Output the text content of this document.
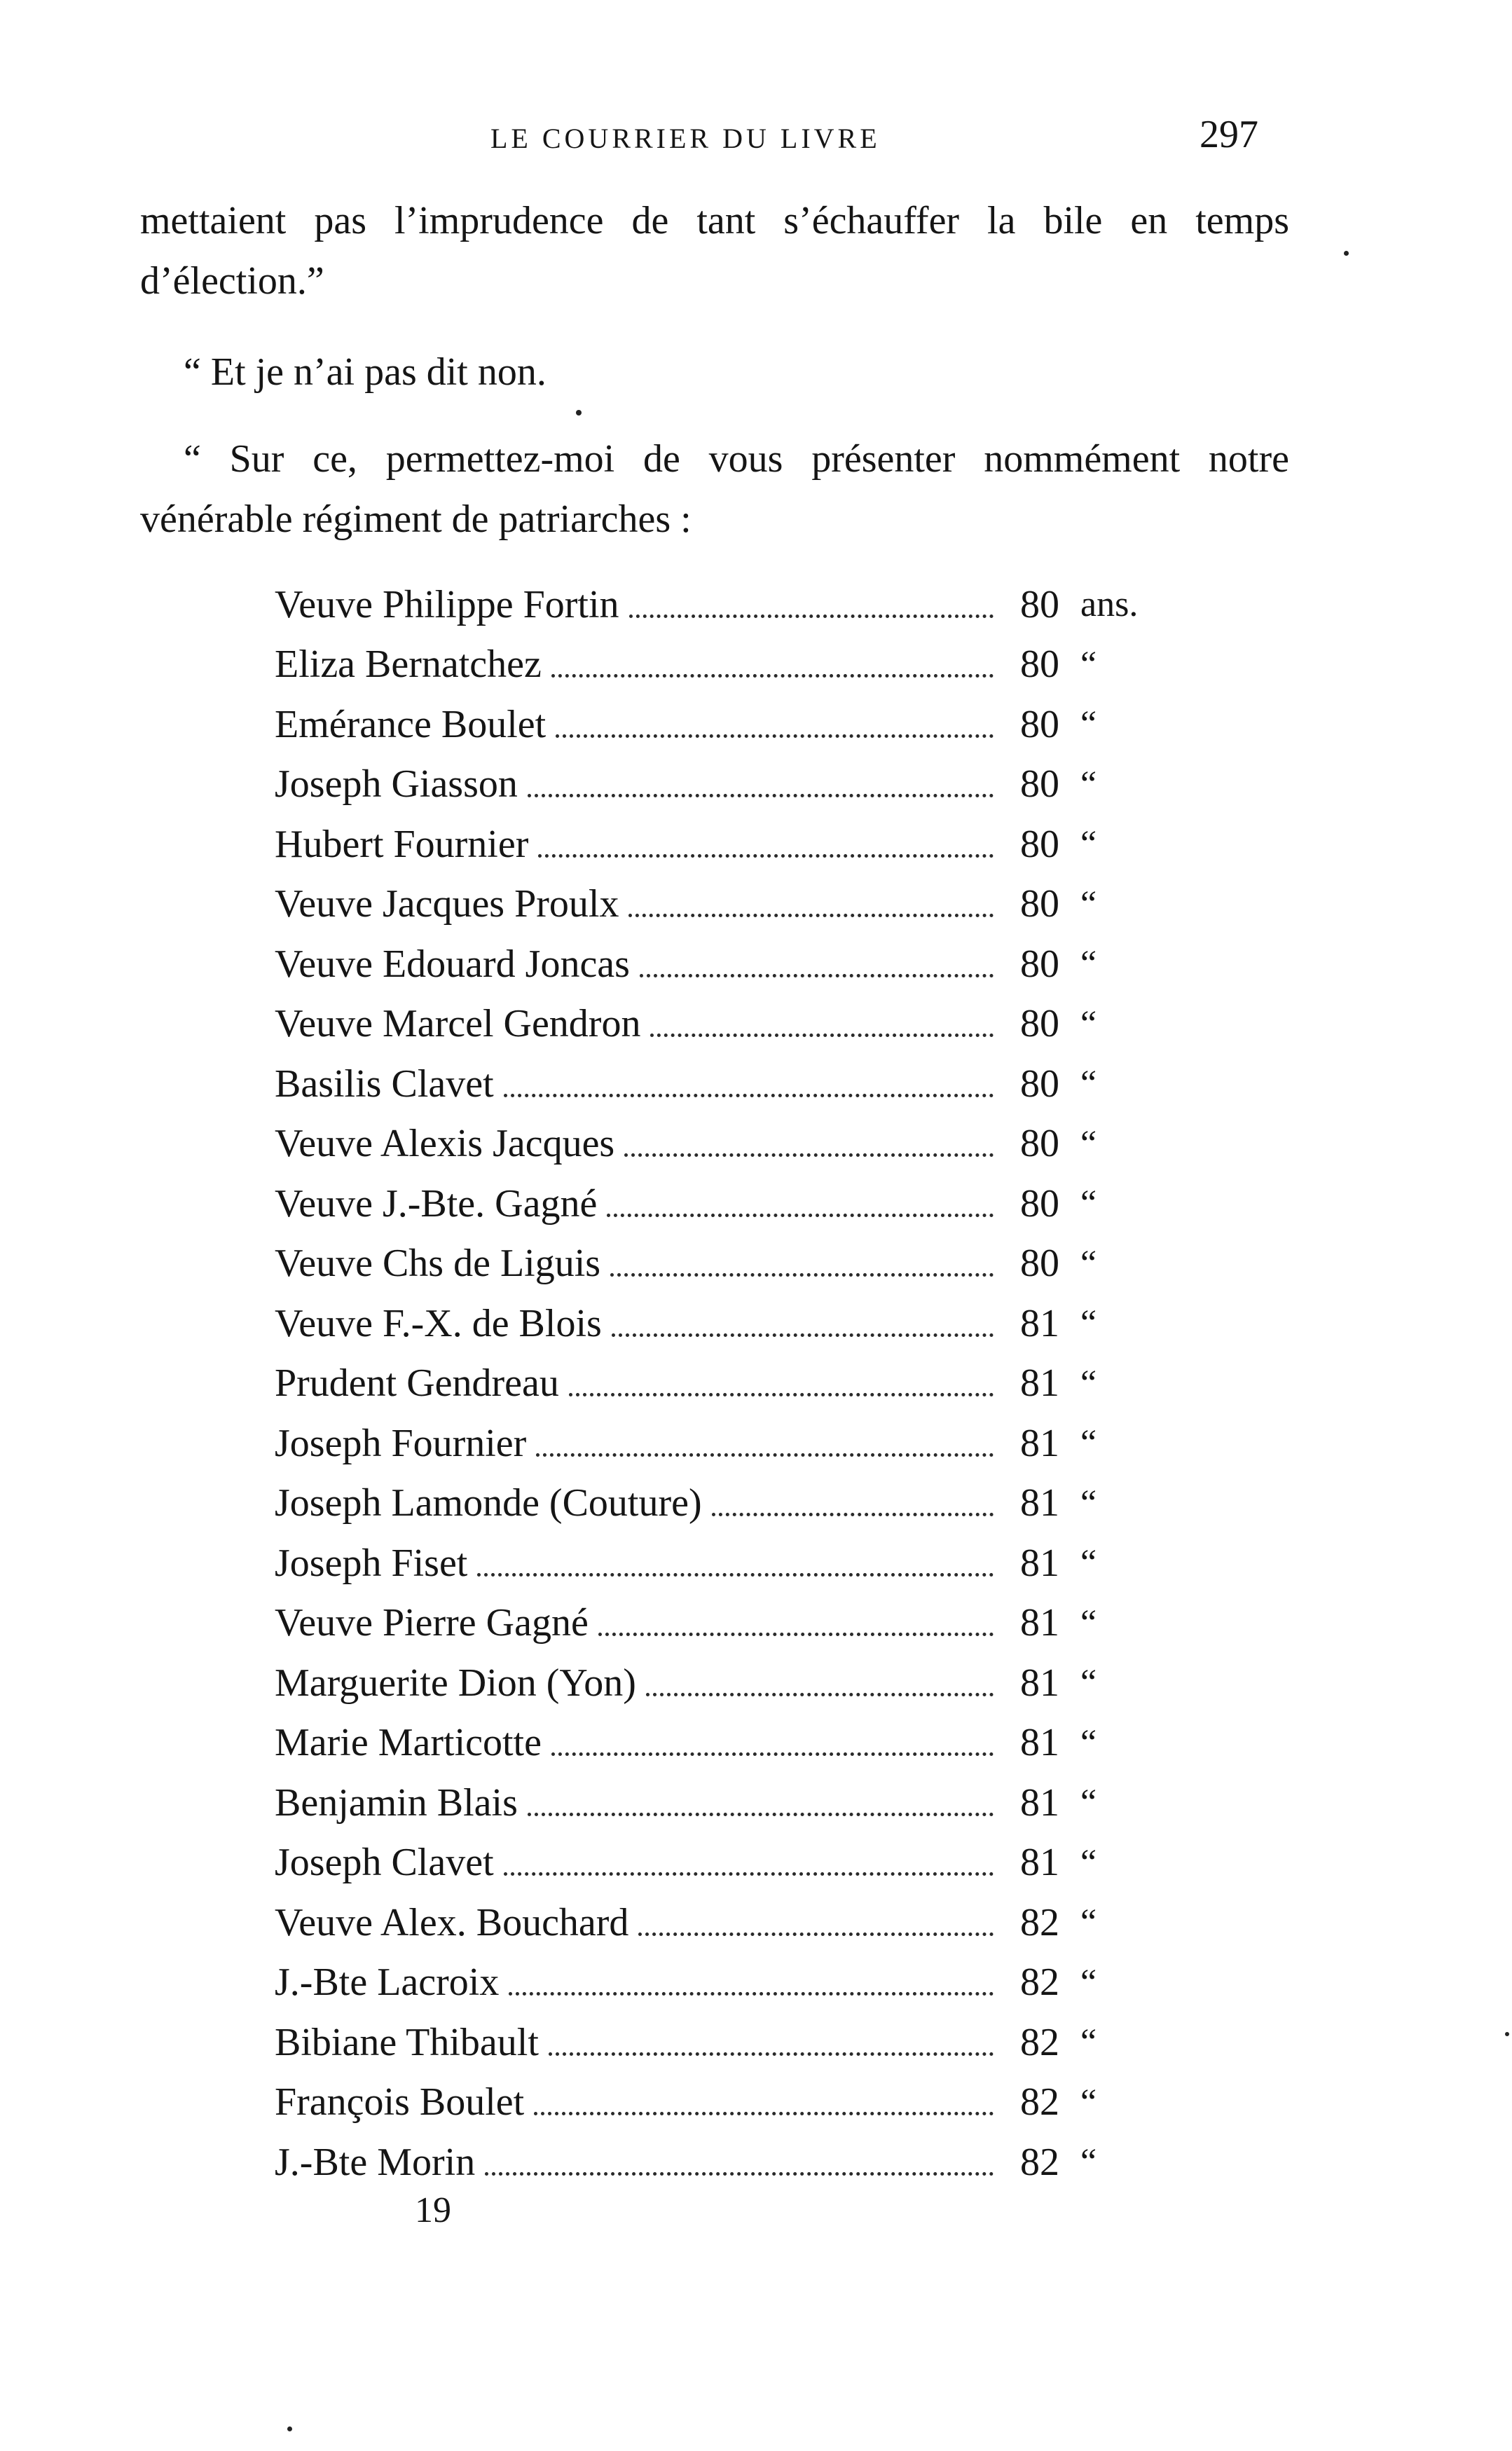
LE COURRIER DU LIVRE	297
mettaient pas l’imprudence de tant s’échauffer la bile en temps d’élection.”
“ Et je n’ai pas dit non.
“ Sur ce, permettez-moi de vous présenter nommément notre vénérable régiment de patriarches :
Veuve Philippe Fortin	80 ans.
Eliza Bernatchez	80 “
Emérance Boulet	80 “
Joseph Giasson	80 “
Hubert Fournier	80 “
Veuve Jacques Proulx	80 “
Veuve Edouard Joncas	80 “
Veuve Marcel Gendron	80 “
Basilis Clavet	80 “
Veuve Alexis Jacques	80 “
Veuve J.-Bte. Gagné	80 “
Veuve Chs de Liguis	80 “
Veuve F.-X. de Blois	81 “
Prudent Gendreau	81 “
Joseph Fournier	81 “
Joseph Lamonde (Couture)	81 “
Joseph Fiset	81 “
Veuve Pierre Gagné	81 “
Marguerite Dion (Yon)	81 “
Marie Marticotte	81 “
Benjamin Blais	81 “
Joseph Clavet	81 “
Veuve Alex. Bouchard	82 “
J.-Bte Lacroix	82 “
Bibiane Thibault	82 “
François Boulet	82 “
J.-Bte Morin	82 “
19
